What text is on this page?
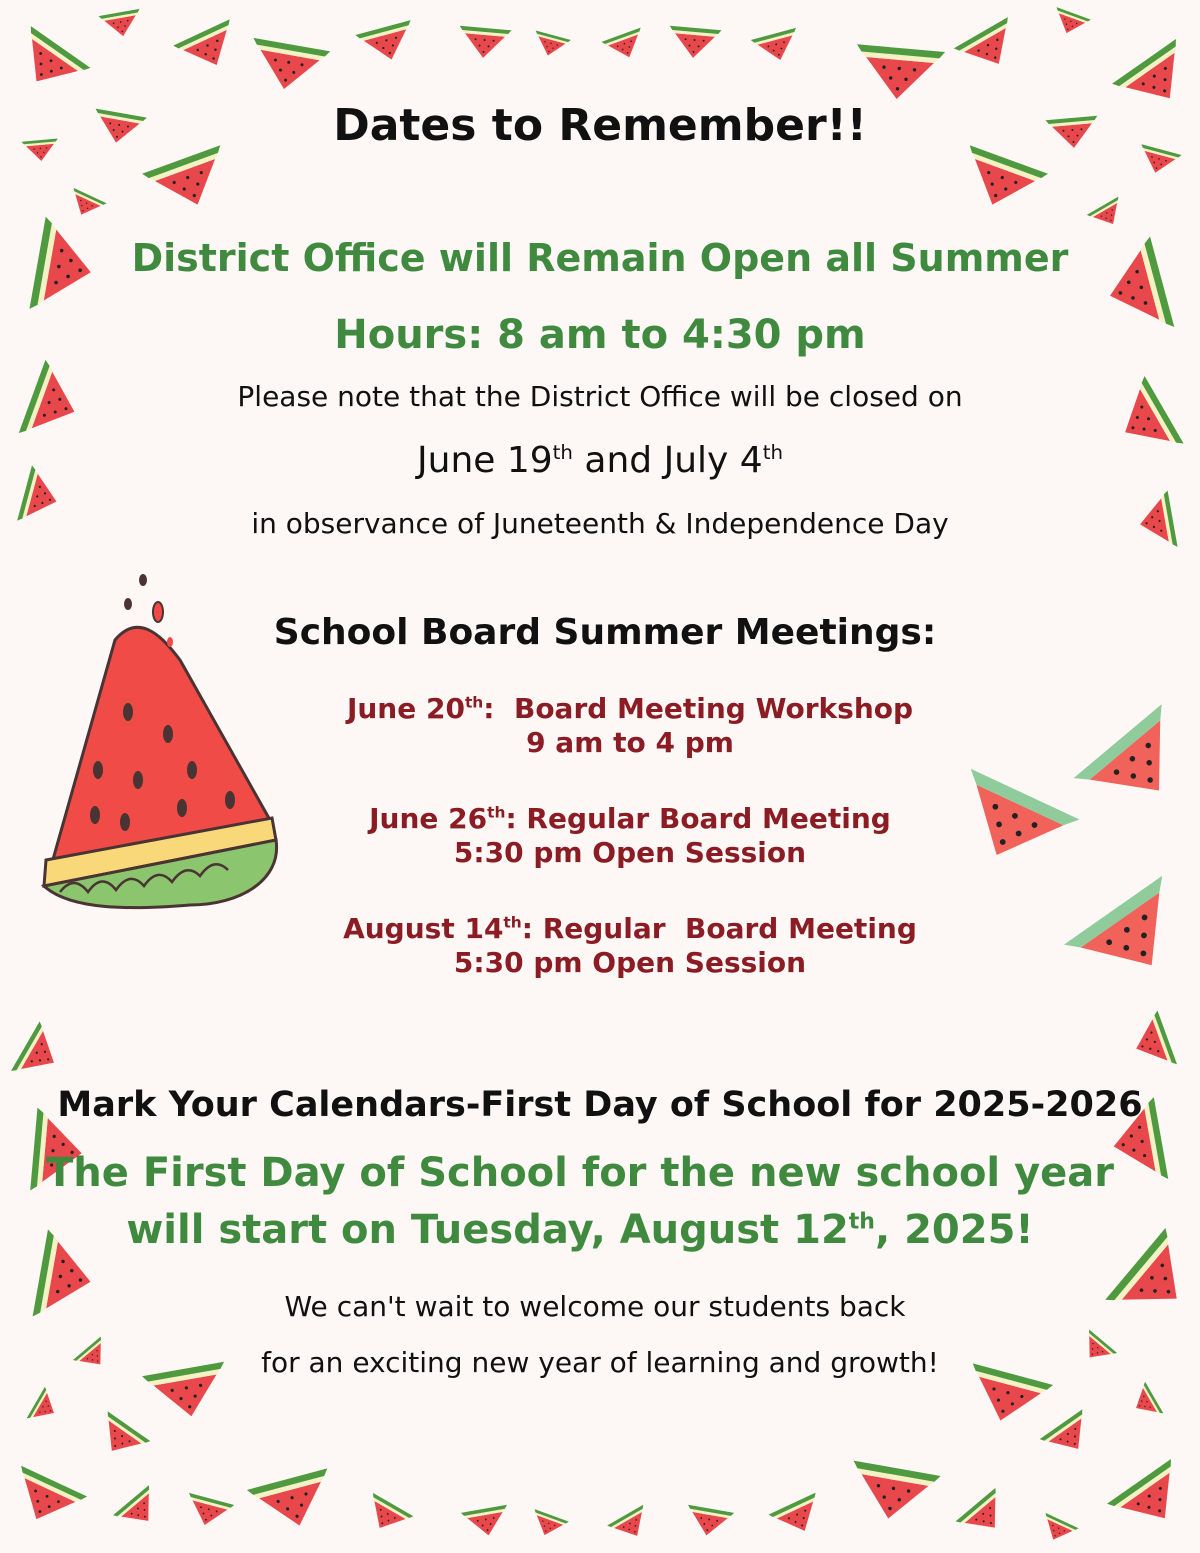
Dates to Remember!!
District Office will Remain Open all Summer
Hours: 8 am to 4:30 pm
Please note that the District Office will be closed on
June 19th and July 4th
in observance of Juneteenth & Independence Day
School Board Summer Meetings:
June 20th:  Board Meeting Workshop
9 am to 4 pm
June 26th: Regular Board Meeting
5:30 pm Open Session
August 14th: Regular  Board Meeting
5:30 pm Open Session
Mark Your Calendars-First Day of School for 2025-2026
The First Day of School for the new school year
will start on Tuesday, August 12th, 2025!
We can't wait to welcome our students back
for an exciting new year of learning and growth!
